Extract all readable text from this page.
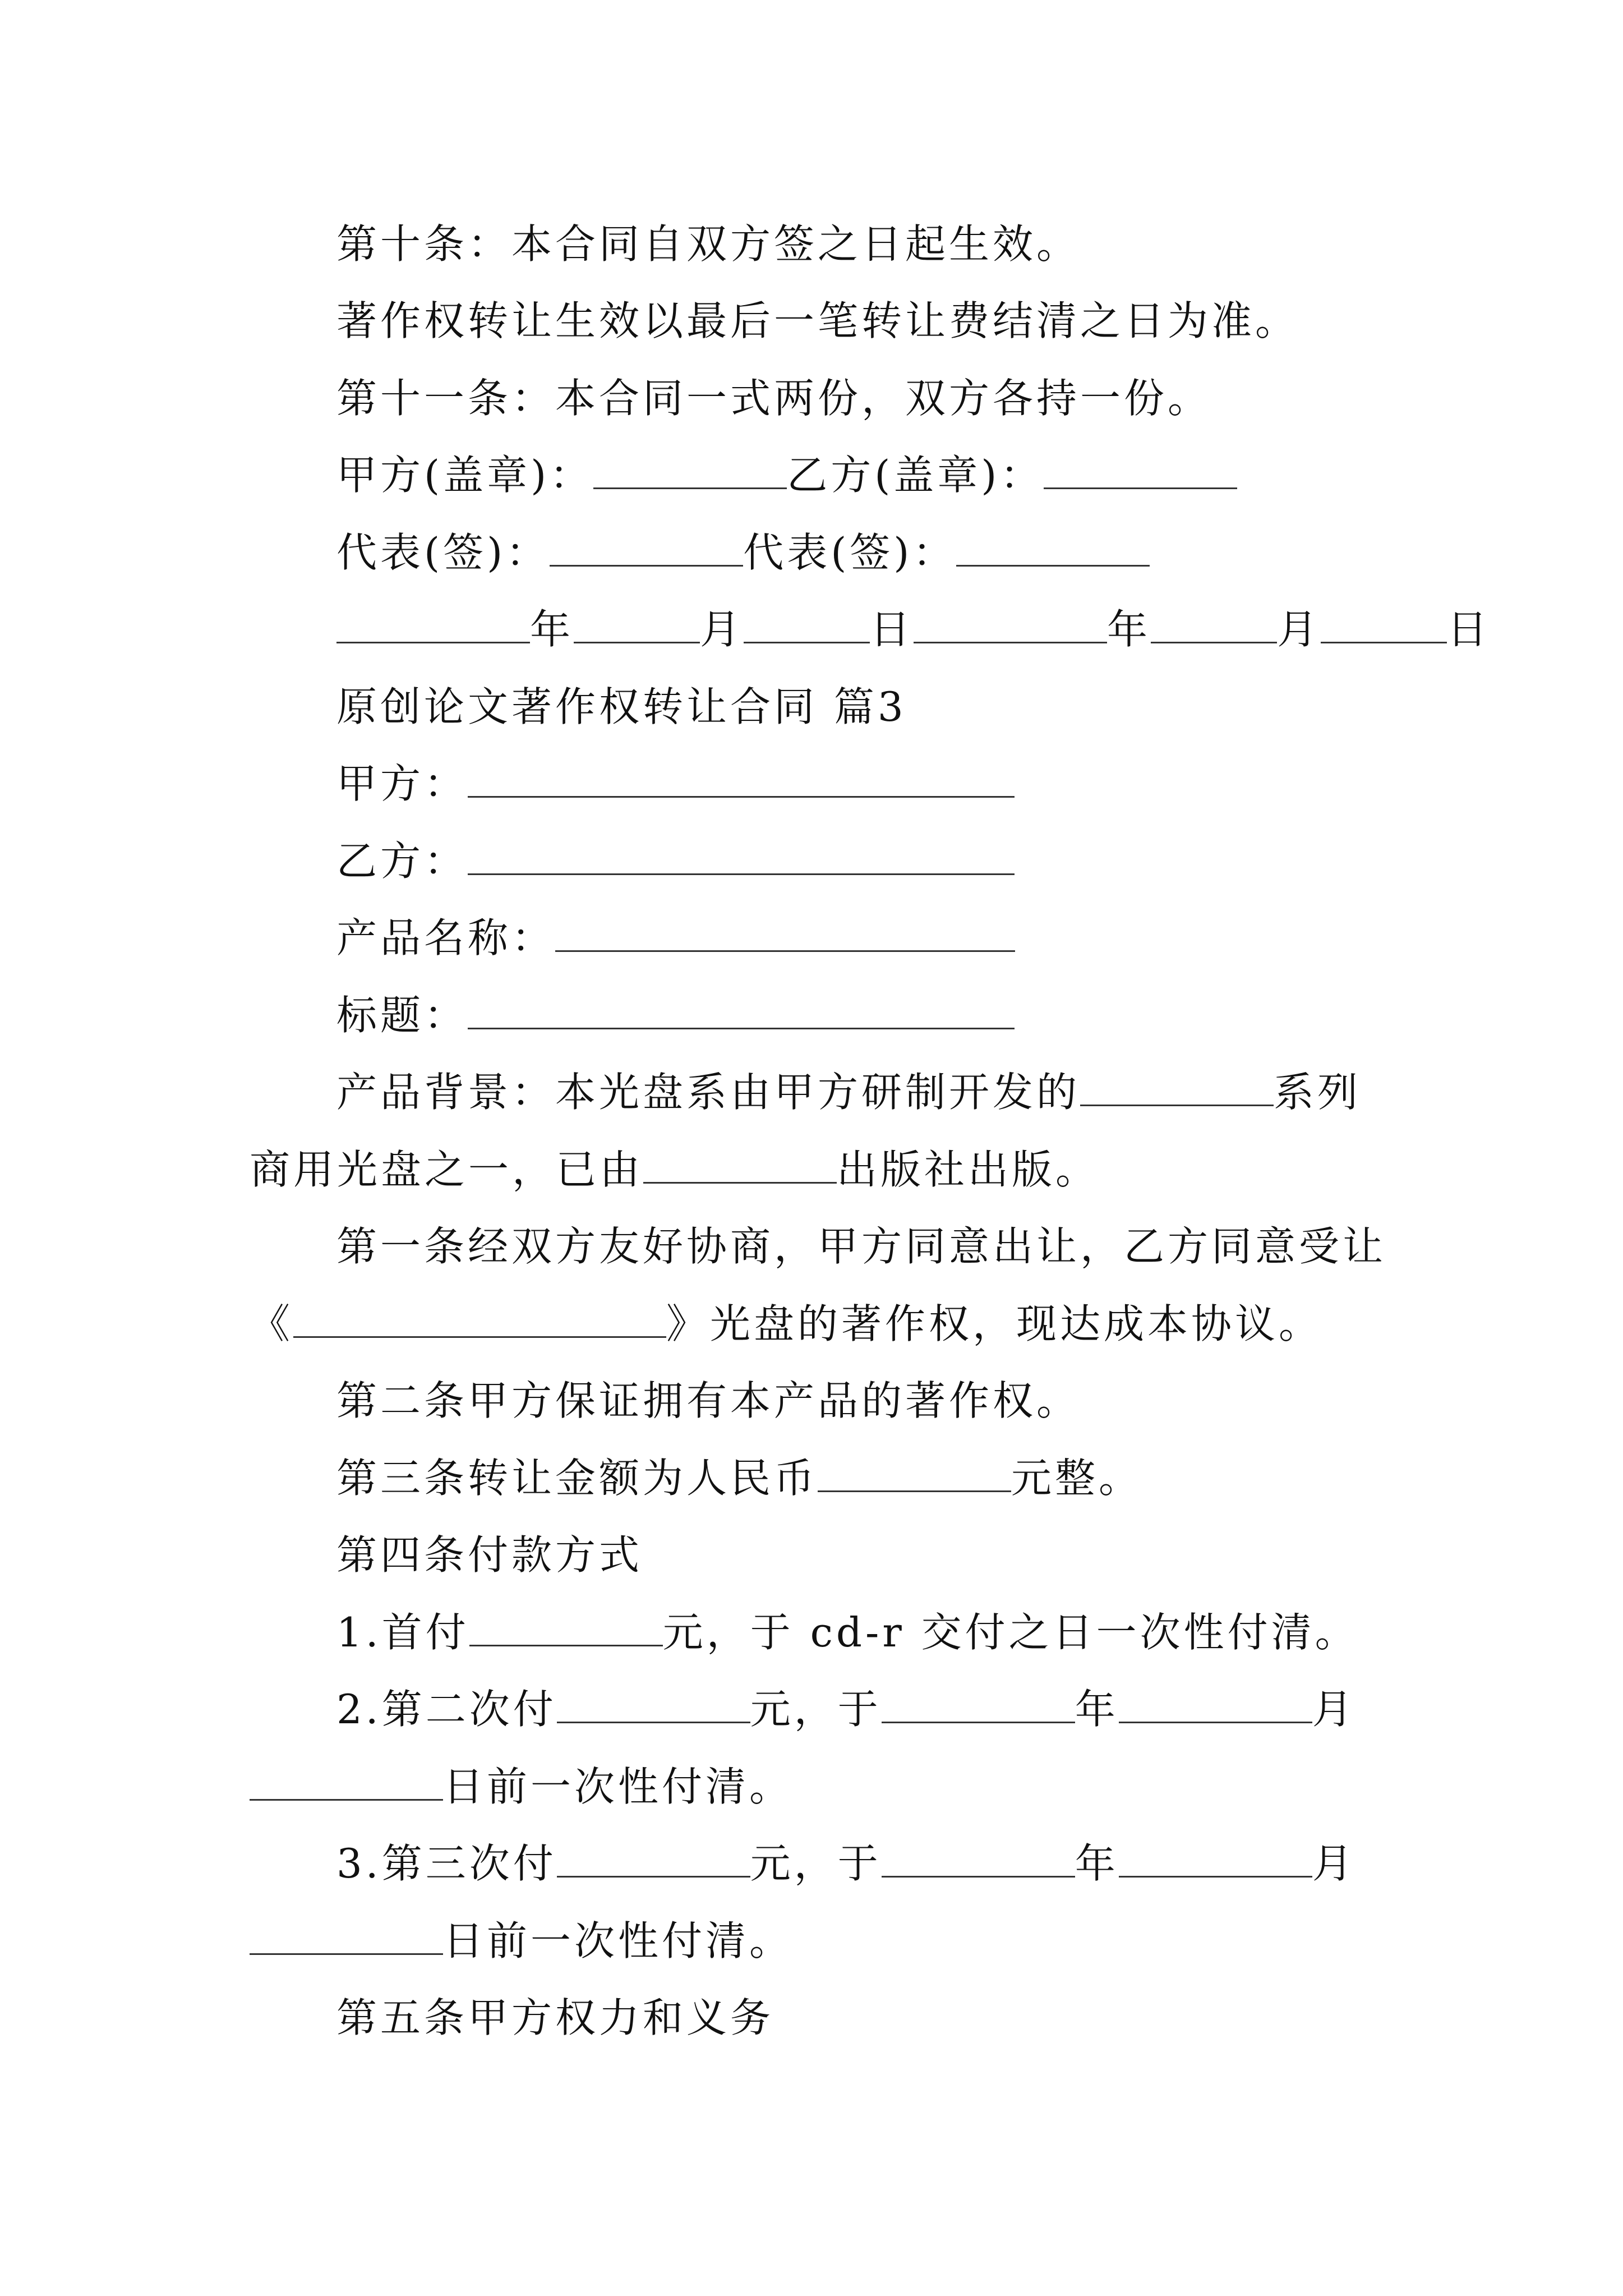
第十条：本合同自双方签之日起生效。
著作权转让生效以最后一笔转让费结清之日为准。
第十一条：本合同一式两份，双方各持一份。
甲方(盖章)：	乙方(盖章)：
代表(签)：	代表(签)：
年	月	日	年	月	日
原创论文著作权转让合同 篇3
甲方：
乙方：
产品名称：
标题：
产品背景：本光盘系由甲方研制开发的	系列
商用光盘之一，已由	出版社出版。
第一条经双方友好协商，甲方同意出让，乙方同意受让
《	》光盘的著作权，现达成本协议。
第二条甲方保证拥有本产品的著作权。
第三条转让金额为人民币	元整。
第四条付款方式
1.首付	元，于 cd-r 交付之日一次性付清。
2.第二次付	元，于	年	月
日前一次性付清。
3.第三次付	元，于	年	月
日前一次性付清。
第五条甲方权力和义务
